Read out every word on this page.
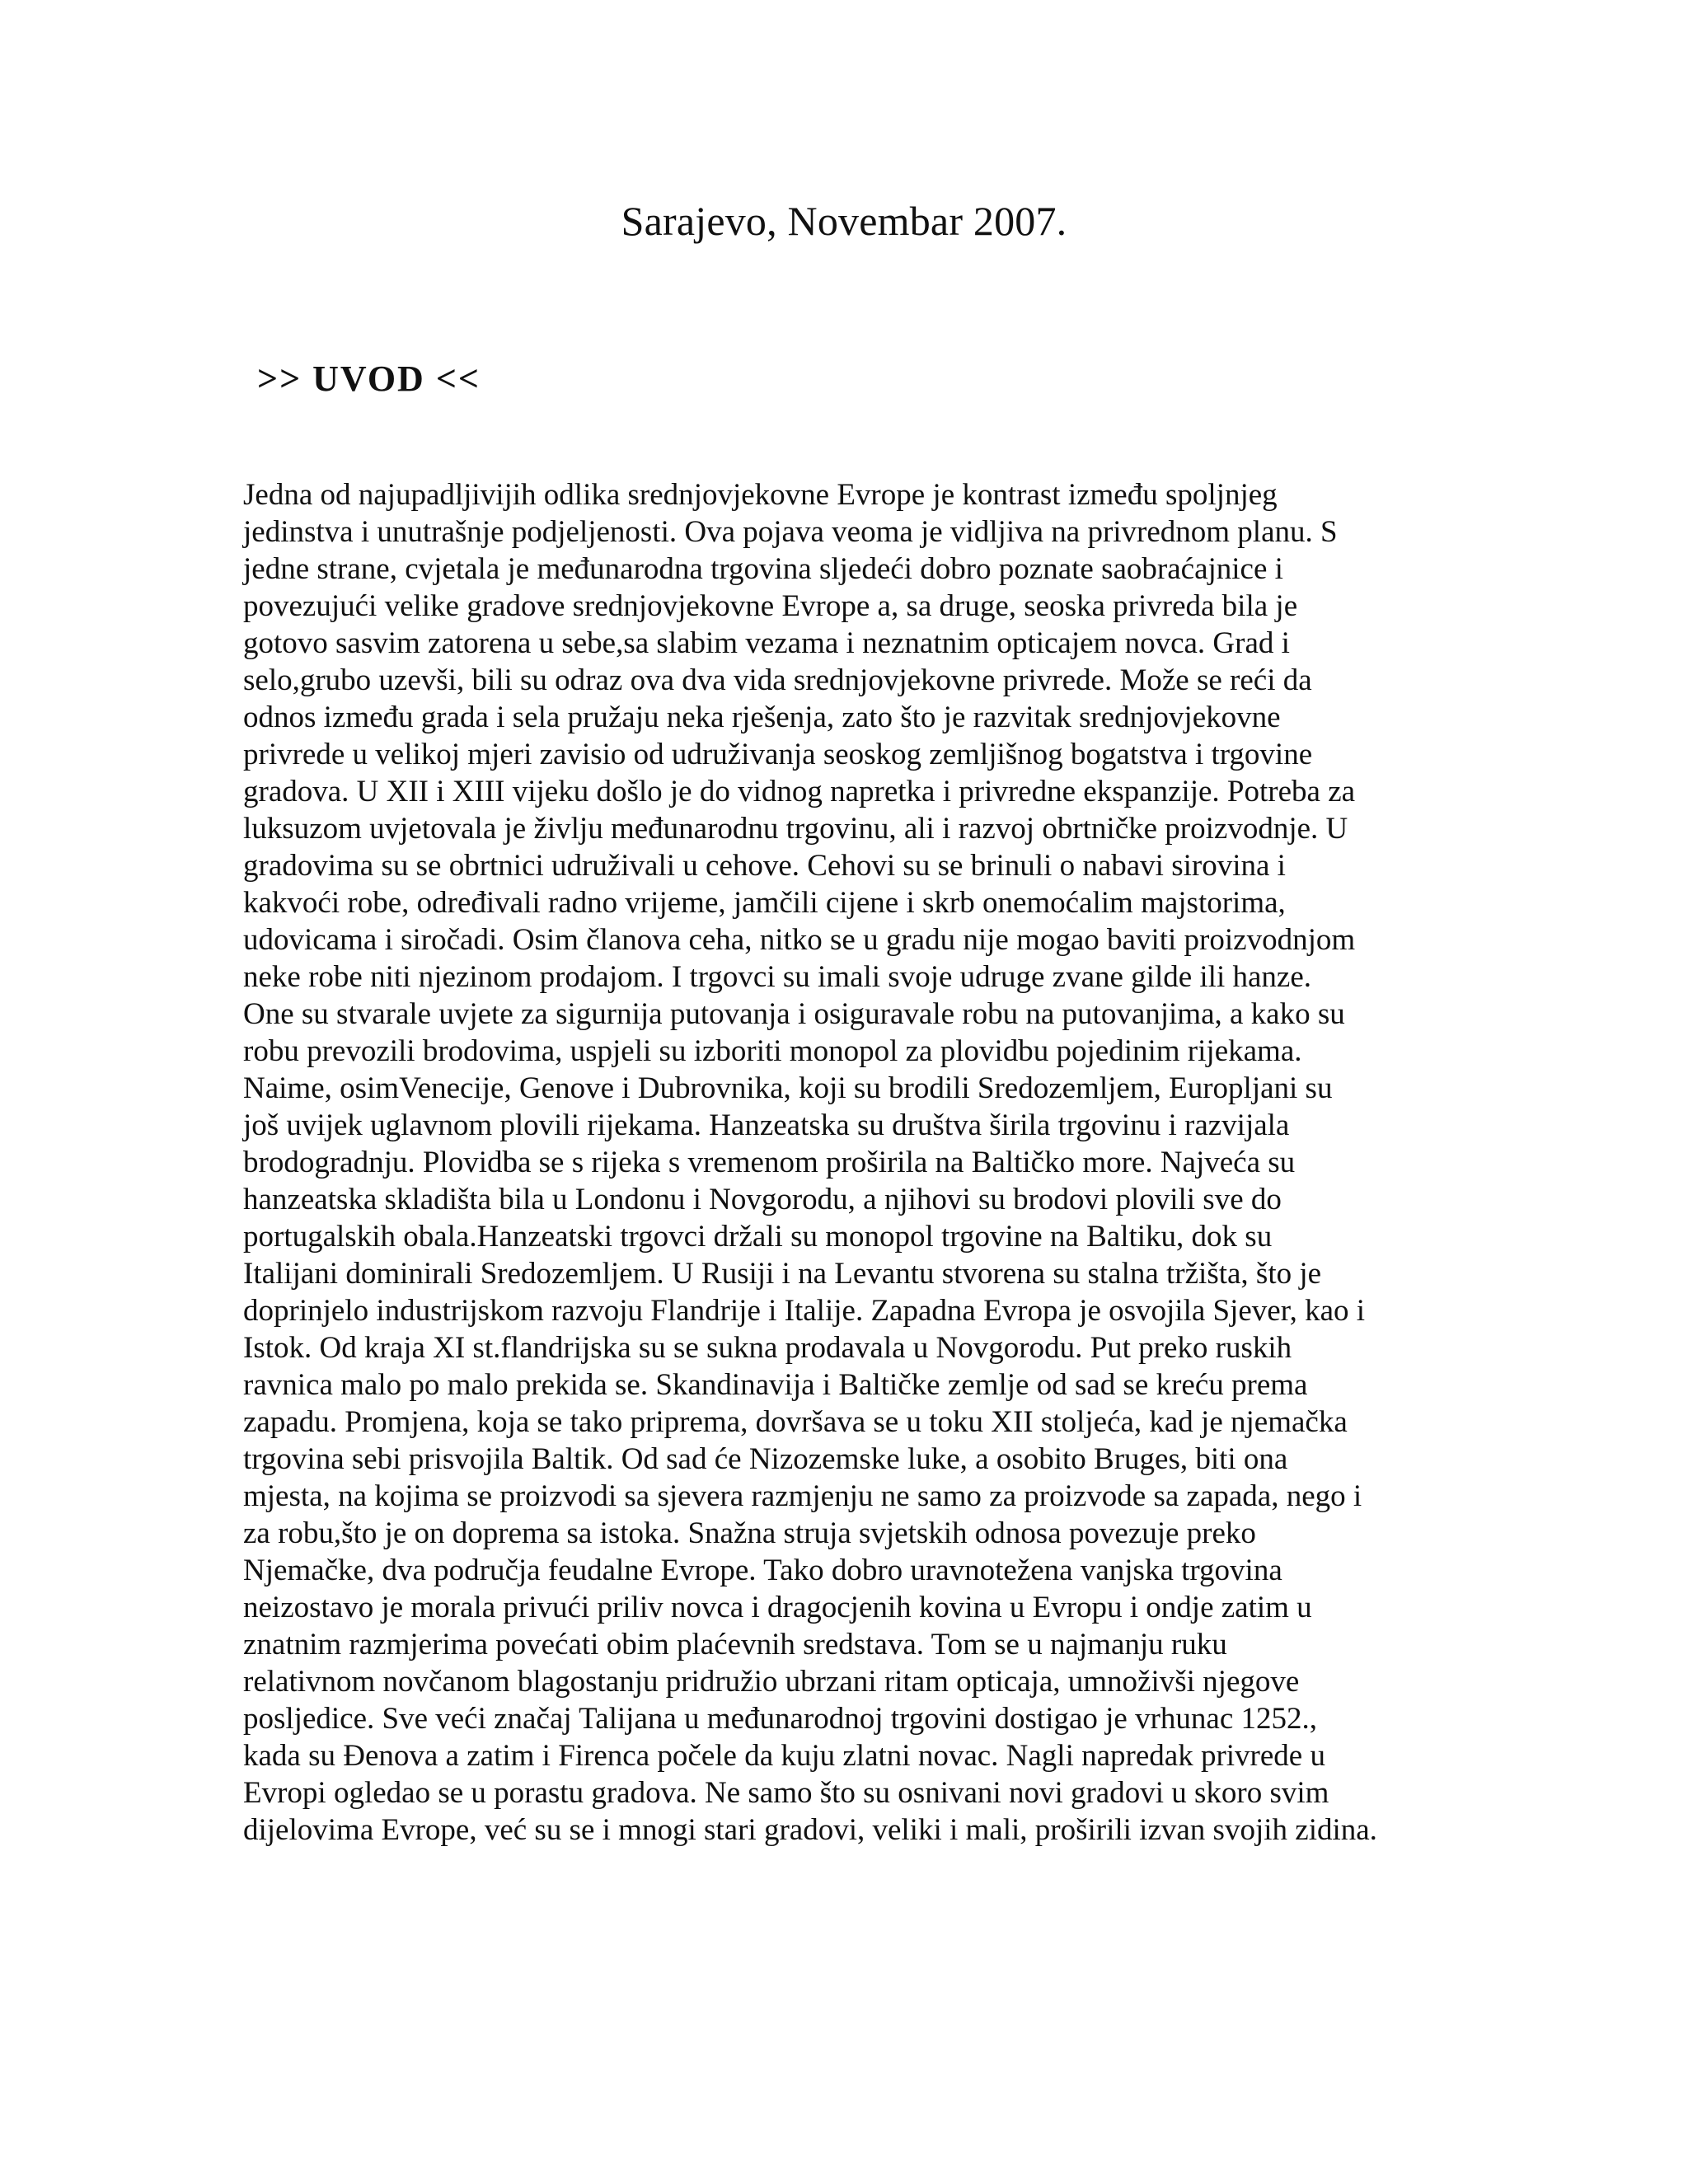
Sarajevo, Novembar 2007.
>> UVOD <<
Jedna od najupadljivijih odlika srednjovjekovne Evrope je kontrast između spoljnjeg
jedinstva i unutrašnje podjeljenosti. Ova pojava veoma je vidljiva na privrednom planu. S
jedne strane, cvjetala je međunarodna trgovina sljedeći dobro poznate saobraćajnice i
povezujući velike gradove srednjovjekovne Evrope a, sa druge, seoska privreda bila je
gotovo sasvim zatorena u sebe,sa slabim vezama i neznatnim opticajem novca. Grad i
selo,grubo uzevši, bili su odraz ova dva vida srednjovjekovne privrede. Može se reći da
odnos između grada i sela pružaju neka rješenja, zato što je razvitak srednjovjekovne
privrede u velikoj mjeri zavisio od udruživanja seoskog zemljišnog bogatstva i trgovine
gradova. U XII i XIII vijeku došlo je do vidnog napretka i privredne ekspanzije. Potreba za
luksuzom uvjetovala je življu međunarodnu trgovinu, ali i razvoj obrtničke proizvodnje. U
gradovima su se obrtnici udruživali u cehove. Cehovi su se brinuli o nabavi sirovina i
kakvoći robe, određivali radno vrijeme, jamčili cijene i skrb onemoćalim majstorima,
udovicama i siročadi. Osim članova ceha, nitko se u gradu nije mogao baviti proizvodnjom
neke robe niti njezinom prodajom. I trgovci su imali svoje udruge zvane gilde ili hanze.
One su stvarale uvjete za sigurnija putovanja i osiguravale robu na putovanjima, a kako su
robu prevozili brodovima, uspjeli su izboriti monopol za plovidbu pojedinim rijekama.
Naime, osimVenecije, Genove i Dubrovnika, koji su brodili Sredozemljem, Europljani su
još uvijek uglavnom plovili rijekama. Hanzeatska su društva širila trgovinu i razvijala
brodogradnju. Plovidba se s rijeka s vremenom proširila na Baltičko more. Najveća su
hanzeatska skladišta bila u Londonu i Novgorodu, a njihovi su brodovi plovili sve do
portugalskih obala.Hanzeatski trgovci držali su monopol trgovine na Baltiku, dok su
Italijani dominirali Sredozemljem. U Rusiji i na Levantu stvorena su stalna tržišta, što je
doprinjelo industrijskom razvoju Flandrije i Italije. Zapadna Evropa je osvojila Sjever, kao i
Istok. Od kraja XI st.flandrijska su se sukna prodavala u Novgorodu. Put preko ruskih
ravnica malo po malo prekida se. Skandinavija i Baltičke zemlje od sad se kreću prema
zapadu. Promjena, koja se tako priprema, dovršava se u toku XII stoljeća, kad je njemačka
trgovina sebi prisvojila Baltik. Od sad će Nizozemske luke, a osobito Bruges, biti ona
mjesta, na kojima se proizvodi sa sjevera razmjenju ne samo za proizvode sa zapada, nego i
za robu,što je on doprema sa istoka. Snažna struja svjetskih odnosa povezuje preko
Njemačke, dva područja feudalne Evrope. Tako dobro uravnotežena vanjska trgovina
neizostavo je morala privući priliv novca i dragocjenih kovina u Evropu i ondje zatim u
znatnim razmjerima povećati obim plaćevnih sredstava. Tom se u najmanju ruku
relativnom novčanom blagostanju pridružio ubrzani ritam opticaja, umnoživši njegove
posljedice. Sve veći značaj Talijana u međunarodnoj trgovini dostigao je vrhunac 1252.,
kada su Đenova a zatim i Firenca počele da kuju zlatni novac. Nagli napredak privrede u
Evropi ogledao se u porastu gradova. Ne samo što su osnivani novi gradovi u skoro svim
dijelovima Evrope, već su se i mnogi stari gradovi, veliki i mali, proširili izvan svojih zidina.
